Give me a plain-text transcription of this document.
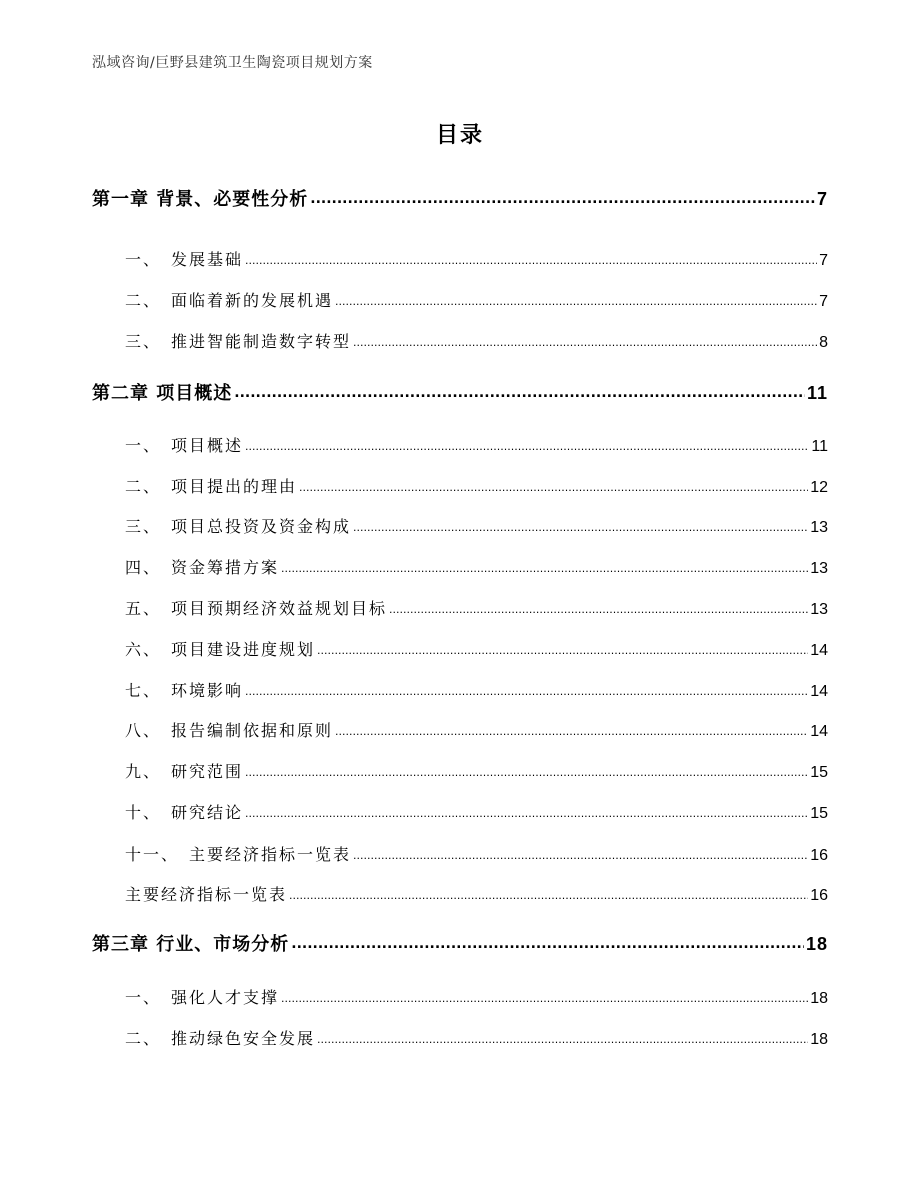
泓域咨询/巨野县建筑卫生陶瓷项目规划方案
目录
第一章 背景、必要性分析 .....	7
一、 发展基础 .....	7
二、 面临着新的发展机遇 .....	7
三、 推进智能制造数字转型 .....	8
第二章 项目概述 .....	11
一、 项目概述 .....	11
二、 项目提出的理由 .....	12
三、 项目总投资及资金构成 .....	13
四、 资金筹措方案 .....	13
五、 项目预期经济效益规划目标 .....	13
六、 项目建设进度规划 .....	14
七、 环境影响 .....	14
八、 报告编制依据和原则 .....	14
九、 研究范围 .....	15
十、 研究结论 .....	15
十一、 主要经济指标一览表 .....	16
主要经济指标一览表 .....	16
第三章 行业、市场分析 .....	18
一、 强化人才支撑 .....	18
二、 推动绿色安全发展 .....	18
